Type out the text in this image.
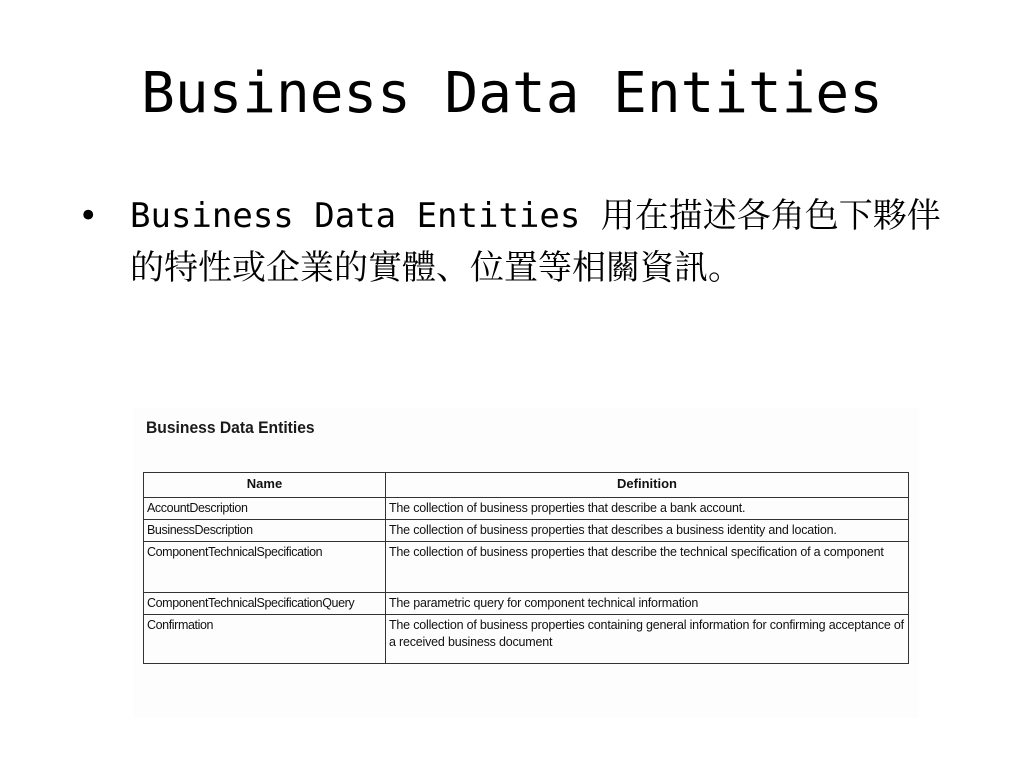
Business Data Entities
• Business Data Entities 用在描述各角色下夥伴的特性或企業的實體、位置等相關資訊。
Business Data Entities
Name	Definition
AccountDescription	The collection of business properties that describe a bank account.
BusinessDescription	The collection of business properties that describes a business identity and location.
ComponentTechnicalSpecification	The collection of business properties that describe the technical specification of a component
ComponentTechnicalSpecificationQuery	The parametric query for component technical information
Confirmation	The collection of business properties containing general information for confirming acceptance of a received business document
